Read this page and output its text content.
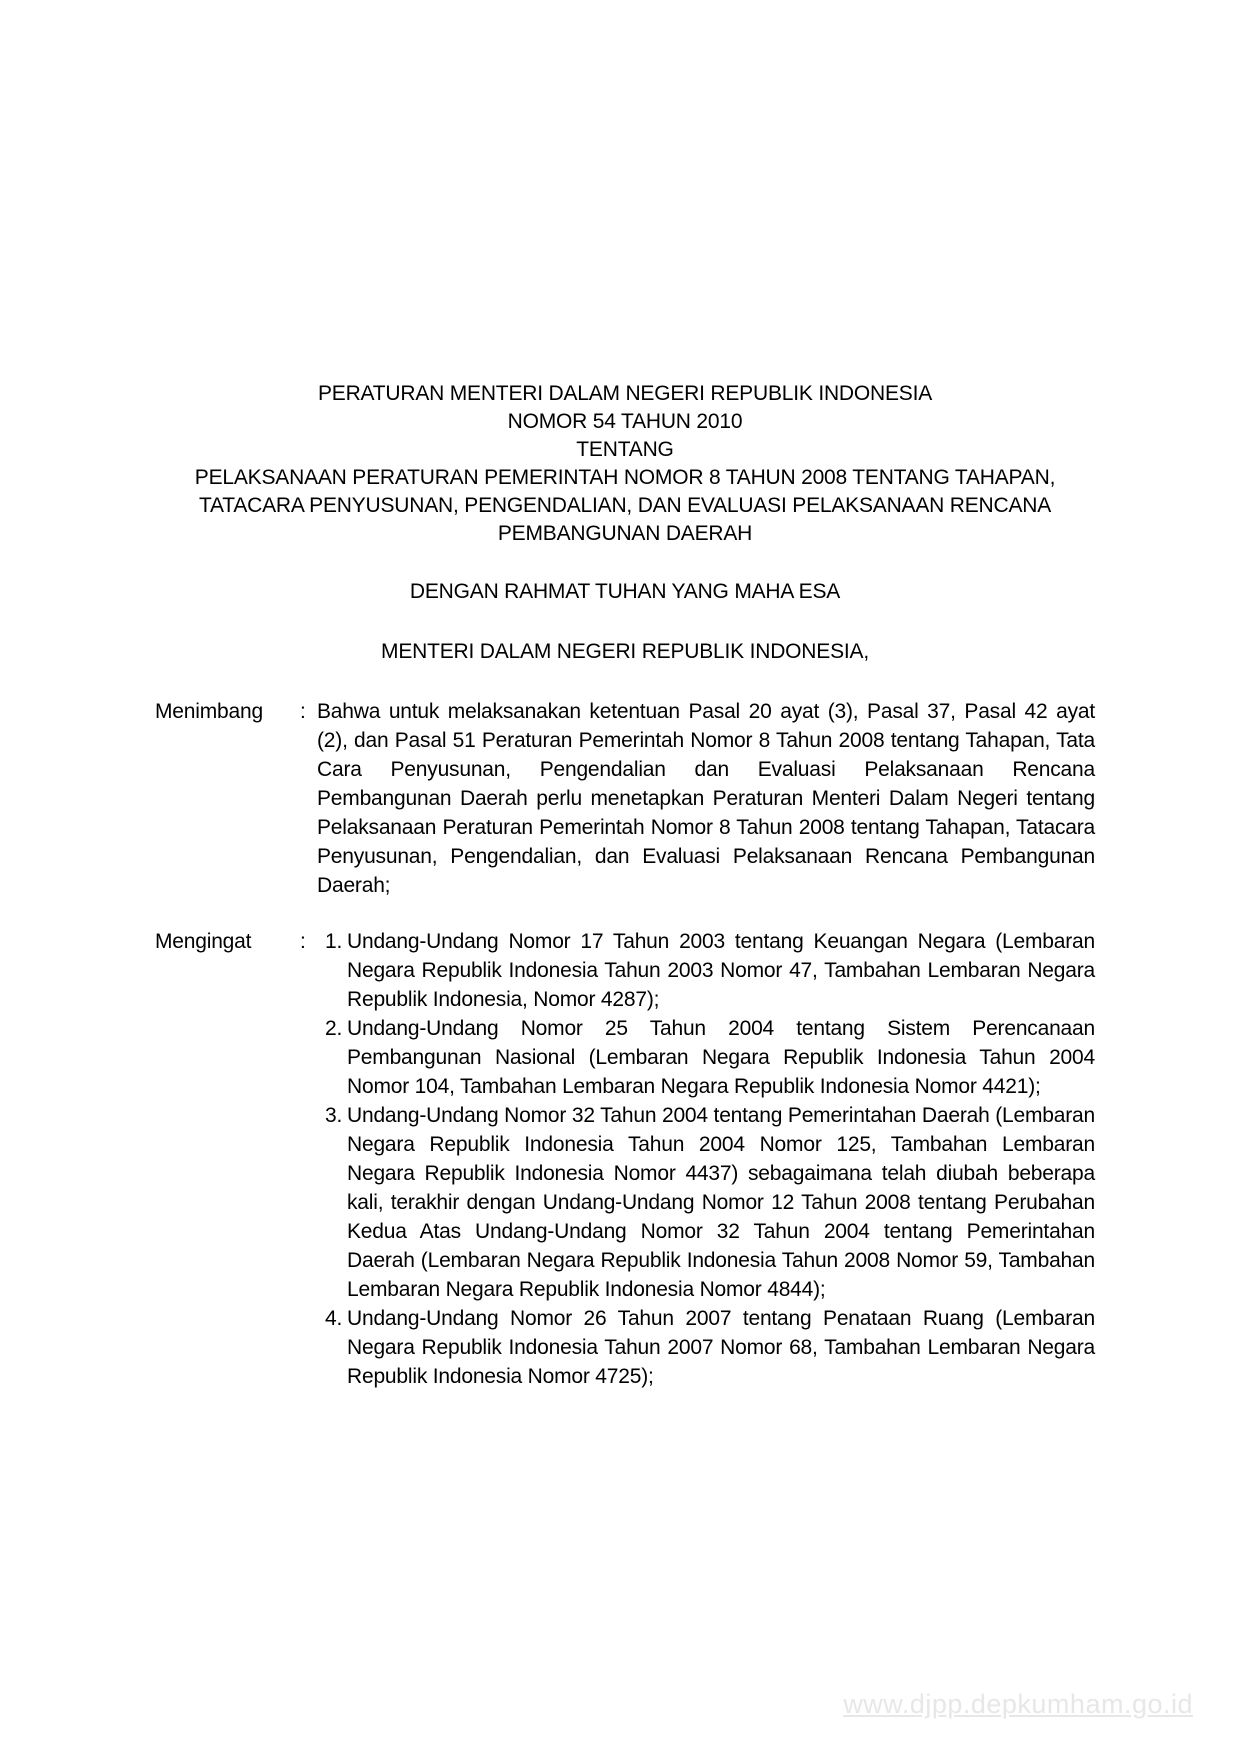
PERATURAN MENTERI DALAM NEGERI REPUBLIK INDONESIA
NOMOR 54 TAHUN 2010
TENTANG
PELAKSANAAN PERATURAN PEMERINTAH NOMOR 8 TAHUN 2008 TENTANG TAHAPAN,
TATACARA PENYUSUNAN, PENGENDALIAN, DAN EVALUASI PELAKSANAAN RENCANA
PEMBANGUNAN DAERAH
DENGAN RAHMAT TUHAN YANG MAHA ESA
MENTERI DALAM NEGERI REPUBLIK INDONESIA,
Menimbang	: Bahwa untuk melaksanakan ketentuan Pasal 20 ayat (3), Pasal 37, Pasal 42 ayat (2), dan Pasal 51 Peraturan Pemerintah Nomor 8 Tahun 2008 tentang Tahapan, Tata Cara Penyusunan, Pengendalian dan Evaluasi Pelaksanaan Rencana Pembangunan Daerah perlu menetapkan Peraturan Menteri Dalam Negeri tentang Pelaksanaan Peraturan Pemerintah Nomor 8 Tahun 2008 tentang Tahapan, Tatacara Penyusunan, Pengendalian, dan Evaluasi Pelaksanaan Rencana Pembangunan Daerah;
Mengingat	: 1. Undang-Undang Nomor 17 Tahun 2003 tentang Keuangan Negara (Lembaran Negara Republik Indonesia Tahun 2003 Nomor 47, Tambahan Lembaran Negara Republik Indonesia, Nomor 4287);
2. Undang-Undang Nomor 25 Tahun 2004 tentang Sistem Perencanaan Pembangunan Nasional (Lembaran Negara Republik Indonesia Tahun 2004 Nomor 104, Tambahan Lembaran Negara Republik Indonesia Nomor 4421);
3. Undang-Undang Nomor 32 Tahun 2004 tentang Pemerintahan Daerah (Lembaran Negara Republik Indonesia Tahun 2004 Nomor 125, Tambahan Lembaran Negara Republik Indonesia Nomor 4437) sebagaimana telah diubah beberapa kali, terakhir dengan Undang-Undang Nomor 12 Tahun 2008 tentang Perubahan Kedua Atas Undang-Undang Nomor 32 Tahun 2004 tentang Pemerintahan Daerah (Lembaran Negara Republik Indonesia Tahun 2008 Nomor 59, Tambahan Lembaran Negara Republik Indonesia Nomor 4844);
4. Undang-Undang Nomor 26 Tahun 2007 tentang Penataan Ruang (Lembaran Negara Republik Indonesia Tahun 2007 Nomor 68, Tambahan Lembaran Negara Republik Indonesia Nomor 4725);
www.djpp.depkumham.go.id
